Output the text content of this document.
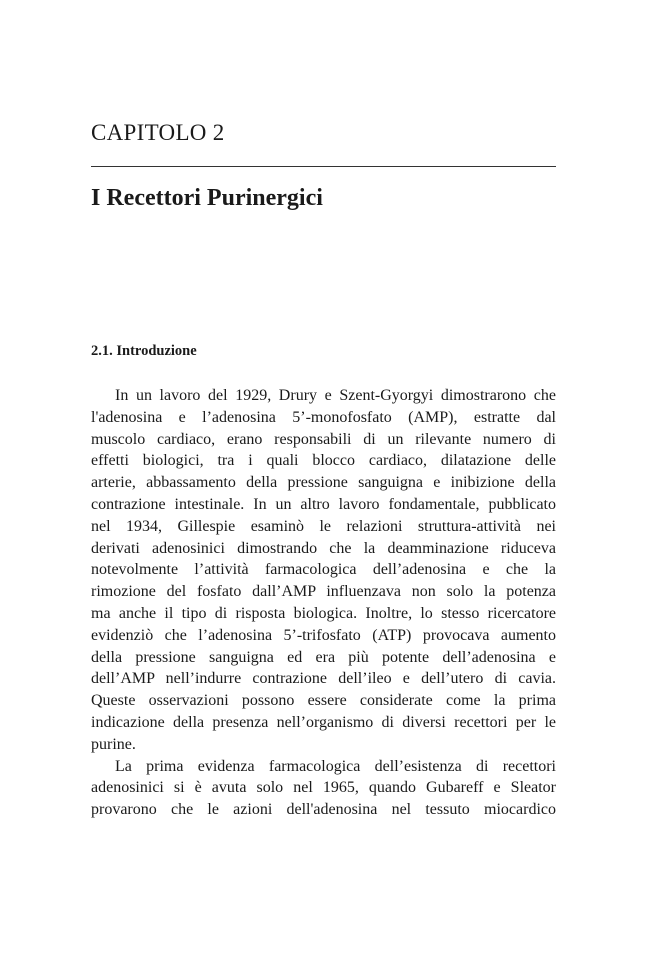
CAPITOLO 2
I Recettori Purinergici
2.1. Introduzione
In un lavoro del 1929, Drury e Szent-Gyorgyi dimostrarono che
l'adenosina e l’adenosina 5’-monofosfato (AMP), estratte dal
muscolo cardiaco, erano responsabili di un rilevante numero di
effetti biologici, tra i quali blocco cardiaco, dilatazione delle
arterie, abbassamento della pressione sanguigna e inibizione della
contrazione intestinale. In un altro lavoro fondamentale, pubblicato
nel 1934, Gillespie esaminò le relazioni struttura-attività nei
derivati adenosinici dimostrando che la deamminazione riduceva
notevolmente l’attività farmacologica dell’adenosina e che la
rimozione del fosfato dall’AMP influenzava non solo la potenza
ma anche il tipo di risposta biologica. Inoltre, lo stesso ricercatore
evidenziò che l’adenosina 5’-trifosfato (ATP) provocava aumento
della pressione sanguigna ed era più potente dell’adenosina e
dell’AMP nell’indurre contrazione dell’ileo e dell’utero di cavia.
Queste osservazioni possono essere considerate come la prima
indicazione della presenza nell’organismo di diversi recettori per le
purine.
La prima evidenza farmacologica dell’esistenza di recettori
adenosinici si è avuta solo nel 1965, quando Gubareff e Sleator
provarono che le azioni dell'adenosina nel tessuto miocardico
